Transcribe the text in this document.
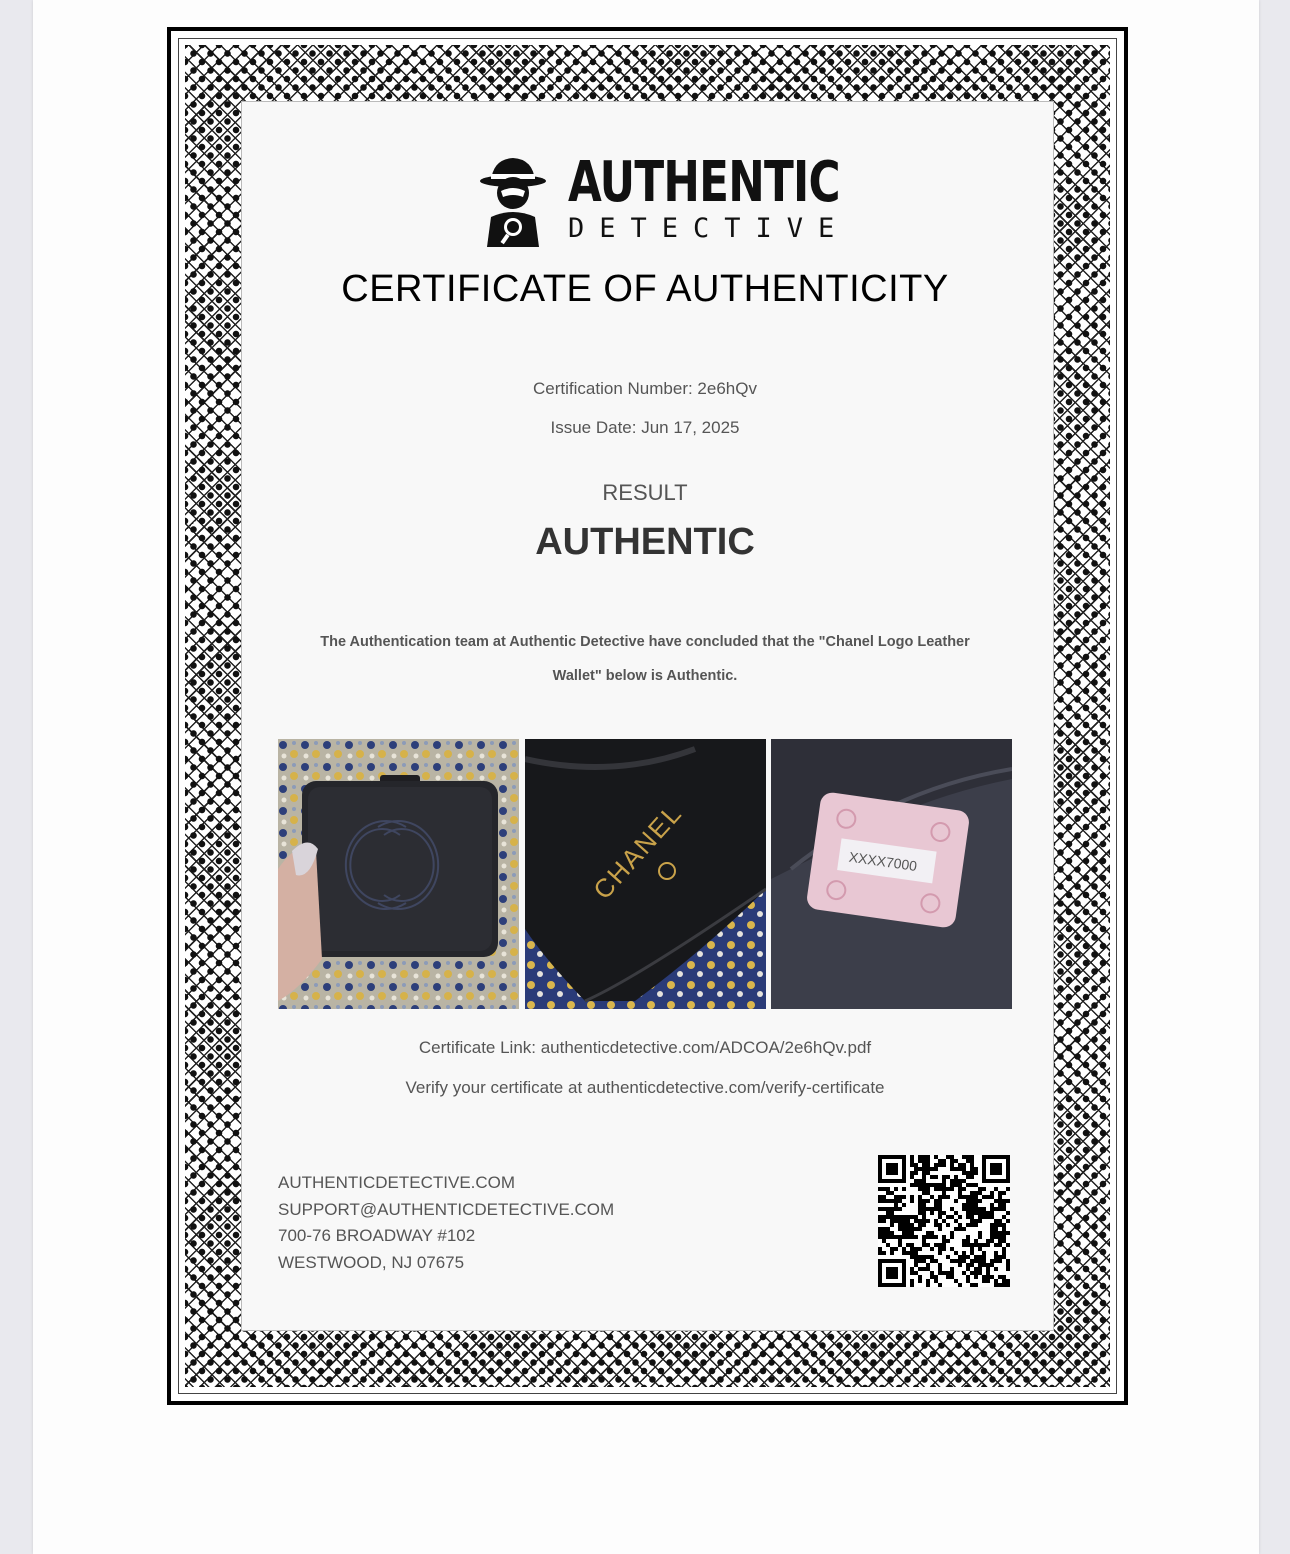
AUTHENTIC
DETECTIVE
CERTIFICATE OF AUTHENTICITY
Certification Number: 2e6hQv
Issue Date: Jun 17, 2025
RESULT
AUTHENTIC
The Authentication team at Authentic Detective have concluded that the "Chanel Logo Leather Wallet" below is Authentic.
CHANEL	XXXX7000
Certificate Link: authenticdetective.com/ADCOA/2e6hQv.pdf
Verify your certificate at authenticdetective.com/verify-certificate
AUTHENTICDETECTIVE.COM
SUPPORT@AUTHENTICDETECTIVE.COM
700-76 BROADWAY #102
WESTWOOD, NJ 07675
